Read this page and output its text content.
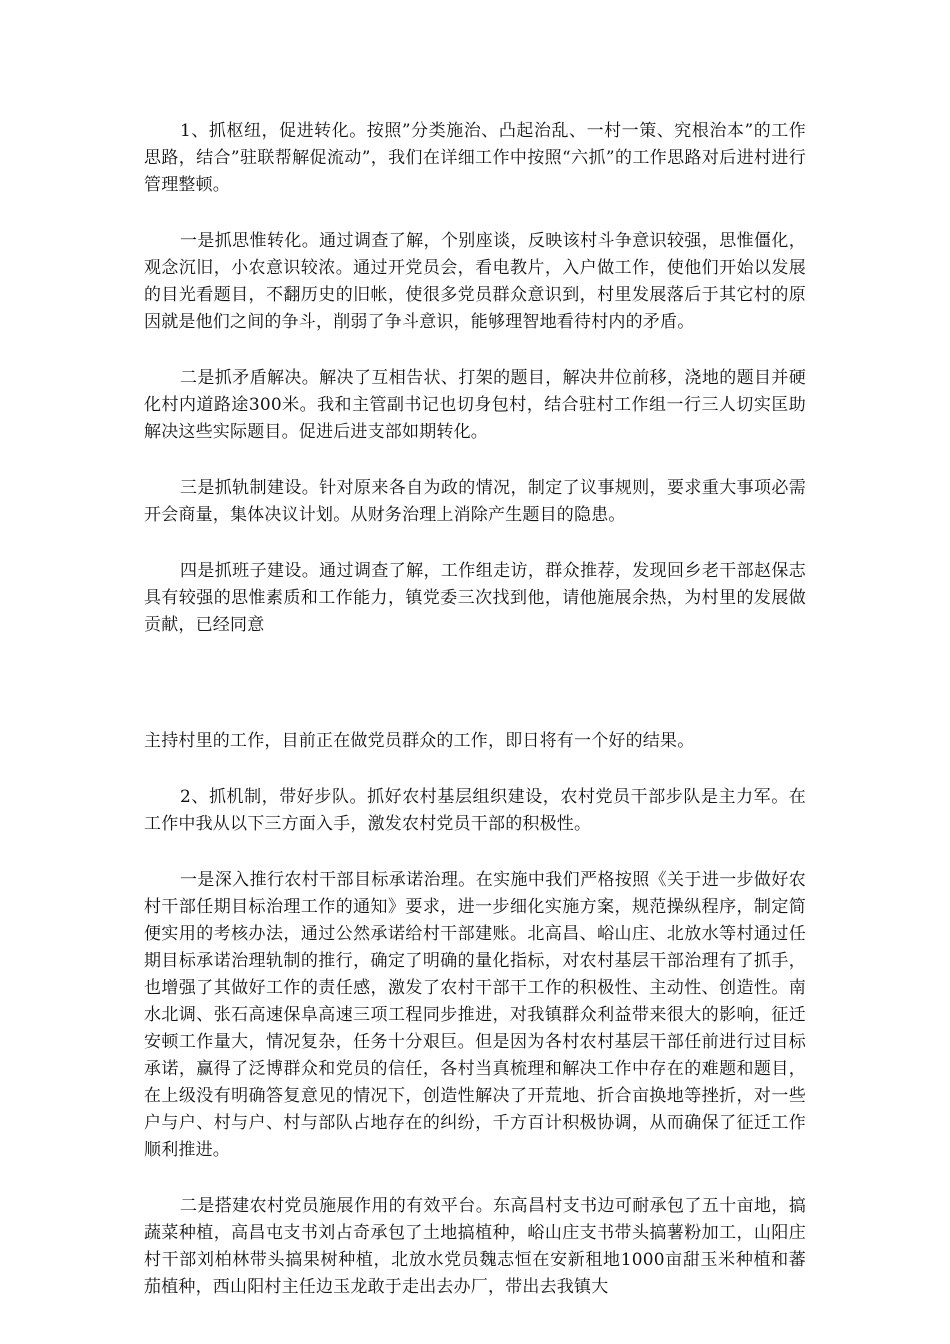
1、抓枢纽，促进转化。按照”分类施治、凸起治乱、一村一策、究根治本”的工作思路，结合”驻联帮解促流动”，我们在详细工作中按照“六抓”的工作思路对后进村进行管理整顿。

一是抓思惟转化。通过调查了解，个别座谈，反映该村斗争意识较强，思惟僵化，观念沉旧，小农意识较浓。通过开党员会，看电教片，入户做工作，使他们开始以发展的目光看题目，不翻历史的旧帐，使很多党员群众意识到，村里发展落后于其它村的原因就是他们之间的争斗，削弱了争斗意识，能够理智地看待村内的矛盾。

二是抓矛盾解决。解决了互相告状、打架的题目，解决井位前移，浇地的题目并硬化村内道路途300米。我和主管副书记也切身包村，结合驻村工作组一行三人切实匡助解决这些实际题目。促进后进支部如期转化。

三是抓轨制建设。针对原来各自为政的情况，制定了议事规则，要求重大事项必需开会商量，集体决议计划。从财务治理上消除产生题目的隐患。

四是抓班子建设。通过调查了解，工作组走访，群众推荐，发现回乡老干部赵保志具有较强的思惟素质和工作能力，镇党委三次找到他，请他施展余热，为村里的发展做贡献，已经同意

主持村里的工作，目前正在做党员群众的工作，即日将有一个好的结果。

2、抓机制，带好步队。抓好农村基层组织建设，农村党员干部步队是主力军。在工作中我从以下三方面入手，激发农村党员干部的积极性。

一是深入推行农村干部目标承诺治理。在实施中我们严格按照《关于进一步做好农村干部任期目标治理工作的通知》要求，进一步细化实施方案，规范操纵程序，制定简便实用的考核办法，通过公然承诺给村干部建账。北高昌、峪山庄、北放水等村通过任期目标承诺治理轨制的推行，确定了明确的量化指标，对农村基层干部治理有了抓手，也增强了其做好工作的责任感，激发了农村干部干工作的积极性、主动性、创造性。南水北调、张石高速保阜高速三项工程同步推进，对我镇群众利益带来很大的影响，征迁安顿工作量大，情况复杂，任务十分艰巨。但是因为各村农村基层干部任前进行过目标承诺，赢得了泛博群众和党员的信任，各村当真梳理和解决工作中存在的难题和题目，在上级没有明确答复意见的情况下，创造性解决了开荒地、折合亩换地等挫折，对一些户与户、村与户、村与部队占地存在的纠纷，千方百计积极协调，从而确保了征迁工作顺利推进。

二是搭建农村党员施展作用的有效平台。东高昌村支书边可耐承包了五十亩地，搞蔬菜种植，高昌屯支书刘占奇承包了土地搞植种，峪山庄支书带头搞薯粉加工，山阳庄村干部刘柏林带头搞果树种植，北放水党员魏志恒在安新租地1000亩甜玉米种植和蕃茄植种，西山阳村主任边玉龙敢于走出去办厂，带出去我镇大
